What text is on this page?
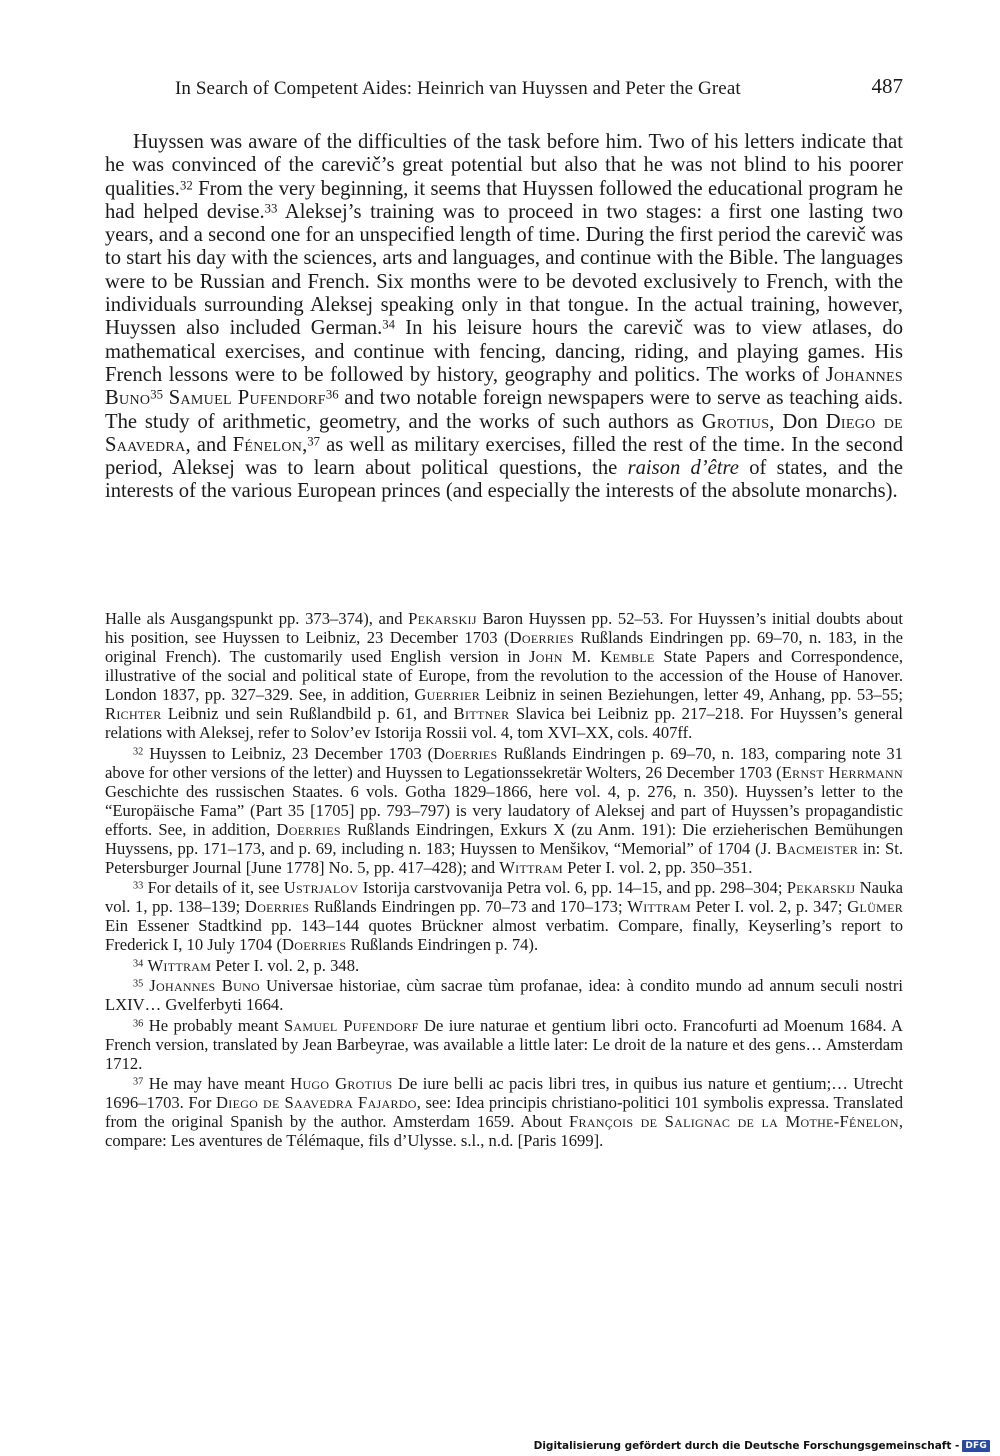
In Search of Competent Aides: Heinrich van Huyssen and Peter the Great	487

Huyssen was aware of the difficulties of the task before him. Two of his letters indicate that he was convinced of the carevič’s great potential but also that he was not blind to his poorer qualities.$^{32}$ From the very beginning, it seems that Huyssen followed the educational program he had helped devise.$^{33}$ Aleksej’s training was to proceed in two stages: a first one lasting two years, and a second one for an unspecified length of time. During the first period the carevič was to start his day with the sciences, arts and languages, and continue with the Bible. The languages were to be Russian and French. Six months were to be devoted exclusively to French, with the individuals surrounding Aleksej speaking only in that tongue. In the actual training, however, Huyssen also included German.$^{34}$ In his leisure hours the carevič was to view atlases, do mathematical exercises, and continue with fencing, dancing, riding, and playing games. His French lessons were to be followed by history, geography and politics. The works of Johannes Buno$^{35}$ Samuel Pufendorf$^{36}$ and two notable foreign newspapers were to serve as teaching aids. The study of arithmetic, geometry, and the works of such authors as Grotius, Don Diego de Saavedra, and Fénelon,$^{37}$ as well as military exercises, filled the rest of the time. In the second period, Aleksej was to learn about political questions, the raison d’être of states, and the interests of the various European princes (and especially the interests of the absolute monarchs).

Halle als Ausgangspunkt pp. 373–374), and Pekarskij Baron Huyssen pp. 52–53. For Huyssen’s initial doubts about his position, see Huyssen to Leibniz, 23 December 1703 (Doerries Rußlands Eindringen pp. 69–70, n. 183, in the original French). The customarily used English version in John M. Kemble State Papers and Correspondence, illustrative of the social and political state of Europe, from the revolution to the accession of the House of Hanover. London 1837, pp. 327–329. See, in addition, Guerrier Leibniz in seinen Beziehungen, letter 49, Anhang, pp. 53–55; Richter Leibniz und sein Rußlandbild p. 61, and Bittner Slavica bei Leibniz pp. 217–218. For Huyssen’s general relations with Aleksej, refer to Solov’ev Istorija Rossii vol. 4, tom XVI–XX, cols. 407ff.

$^{32}$ Huyssen to Leibniz, 23 December 1703 (Doerries Rußlands Eindringen p. 69–70, n. 183, comparing note 31 above for other versions of the letter) and Huyssen to Legationssekretär Wolters, 26 December 1703 (Ernst Herrmann Geschichte des russischen Staates. 6 vols. Gotha 1829–1866, here vol. 4, p. 276, n. 350). Huyssen’s letter to the “Europäische Fama” (Part 35 [1705] pp. 793–797) is very laudatory of Aleksej and part of Huyssen’s propagandistic efforts. See, in addition, Doerries Rußlands Eindringen, Exkurs X (zu Anm. 191): Die erzieherischen Bemühungen Huyssens, pp. 171–173, and p. 69, including n. 183; Huyssen to Menšikov, “Memorial” of 1704 (J. Bacmeister in: St. Petersburger Journal [June 1778] No. 5, pp. 417–428); and Wittram Peter I. vol. 2, pp. 350–351.

$^{33}$ For details of it, see Ustrjalov Istorija carstvovanija Petra vol. 6, pp. 14–15, and pp. 298–304; Pekarskij Nauka vol. 1, pp. 138–139; Doerries Rußlands Eindringen pp. 70–73 and 170–173; Wittram Peter I. vol. 2, p. 347; Glümer Ein Essener Stadtkind pp. 143–144 quotes Brückner almost verbatim. Compare, finally, Keyserling’s report to Frederick I, 10 July 1704 (Doerries Rußlands Eindringen p. 74).

$^{34}$ Wittram Peter I. vol. 2, p. 348.

$^{35}$ Johannes Buno Universae historiae, cùm sacrae tùm profanae, idea: à condito mundo ad annum seculi nostri LXIV… Gvelferbyti 1664.

$^{36}$ He probably meant Samuel Pufendorf De iure naturae et gentium libri octo. Francofurti ad Moenum 1684. A French version, translated by Jean Barbeyrae, was available a little later: Le droit de la nature et des gens… Amsterdam 1712.

$^{37}$ He may have meant Hugo Grotius De iure belli ac pacis libri tres, in quibus ius nature et gentium;… Utrecht 1696–1703. For Diego de Saavedra Fajardo, see: Idea principis christiano-politici 101 symbolis expressa. Translated from the original Spanish by the author. Amsterdam 1659. About François de Salignac de la Mothe-Fénelon, compare: Les aventures de Télémaque, fils d’Ulysse. s.l., n.d. [Paris 1699].

Digitalisierung gefördert durch die Deutsche Forschungsgemeinschaft - DFG
